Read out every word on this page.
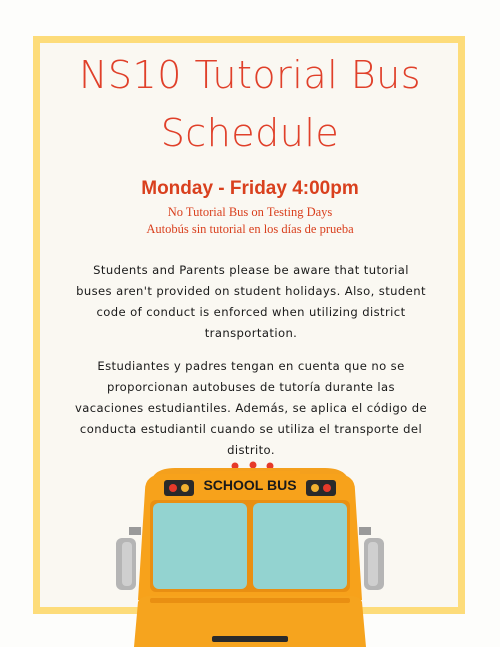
NS10 Tutorial Bus
Schedule
Monday - Friday 4:00pm
No Tutorial Bus on Testing Days
Autobús sin tutorial en los días de prueba
Students and Parents please be aware that tutorial buses aren't provided on student holidays. Also, student code of conduct is enforced when utilizing district transportation.
Estudiantes y padres tengan en cuenta que no se proporcionan autobuses de tutoría durante las vacaciones estudiantiles. Además, se aplica el código de conducta estudiantil cuando se utiliza el transporte del distrito.
SCHOOL BUS
